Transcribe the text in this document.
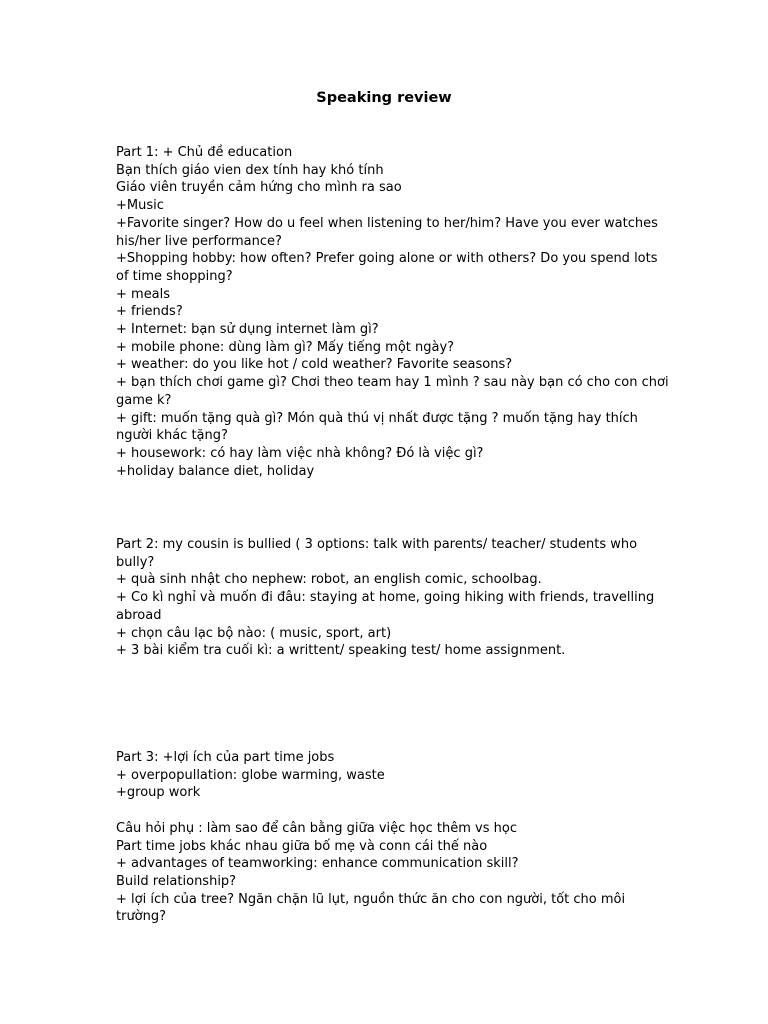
Speaking review
Part 1: + Chủ đề education
Bạn thích giáo vien dex tính hay khó tính
Giáo viên truyền cảm hứng cho mình ra sao
+Music
+Favorite singer? How do u feel when listening to her/him? Have you ever watches
his/her live performance?
+Shopping hobby: how often? Prefer going alone or with others? Do you spend lots
of time shopping?
+ meals
+ friends?
+ Internet: bạn sử dụng internet làm gì?
+ mobile phone: dùng làm gì? Mấy tiếng một ngày?
+ weather: do you like hot / cold weather? Favorite seasons?
+ bạn thích chơi game gì? Chơi theo team hay 1 mình ? sau này bạn có cho con chơi
game k?
+ gift: muốn tặng quà gì? Món quà thú vị nhất được tặng ? muốn tặng hay thích
người khác tặng?
+ housework: có hay làm việc nhà không? Đó là việc gì?
+holiday balance diet, holiday
Part 2: my cousin is bullied ( 3 options: talk with parents/ teacher/ students who
bully?
+ quà sinh nhật cho nephew: robot, an english comic, schoolbag.
+ Co kì nghỉ và muốn đi đâu: staying at home, going hiking with friends, travelling
abroad
+ chọn câu lạc bộ nào: ( music, sport, art)
+ 3 bài kiểm tra cuối kì: a writtent/ speaking test/ home assignment.
Part 3: +lợi ích của part time jobs
+ overpopullation: globe warming, waste
+group work
Câu hỏi phụ : làm sao để cân bằng giữa việc học thêm vs học
Part time jobs khác nhau giữa bố mẹ và conn cái thế nào
+ advantages of teamworking: enhance communication skill?
Build relationship?
+ lợi ích của tree? Ngăn chặn lũ lụt, nguồn thức ăn cho con người, tốt cho môi
trường?
